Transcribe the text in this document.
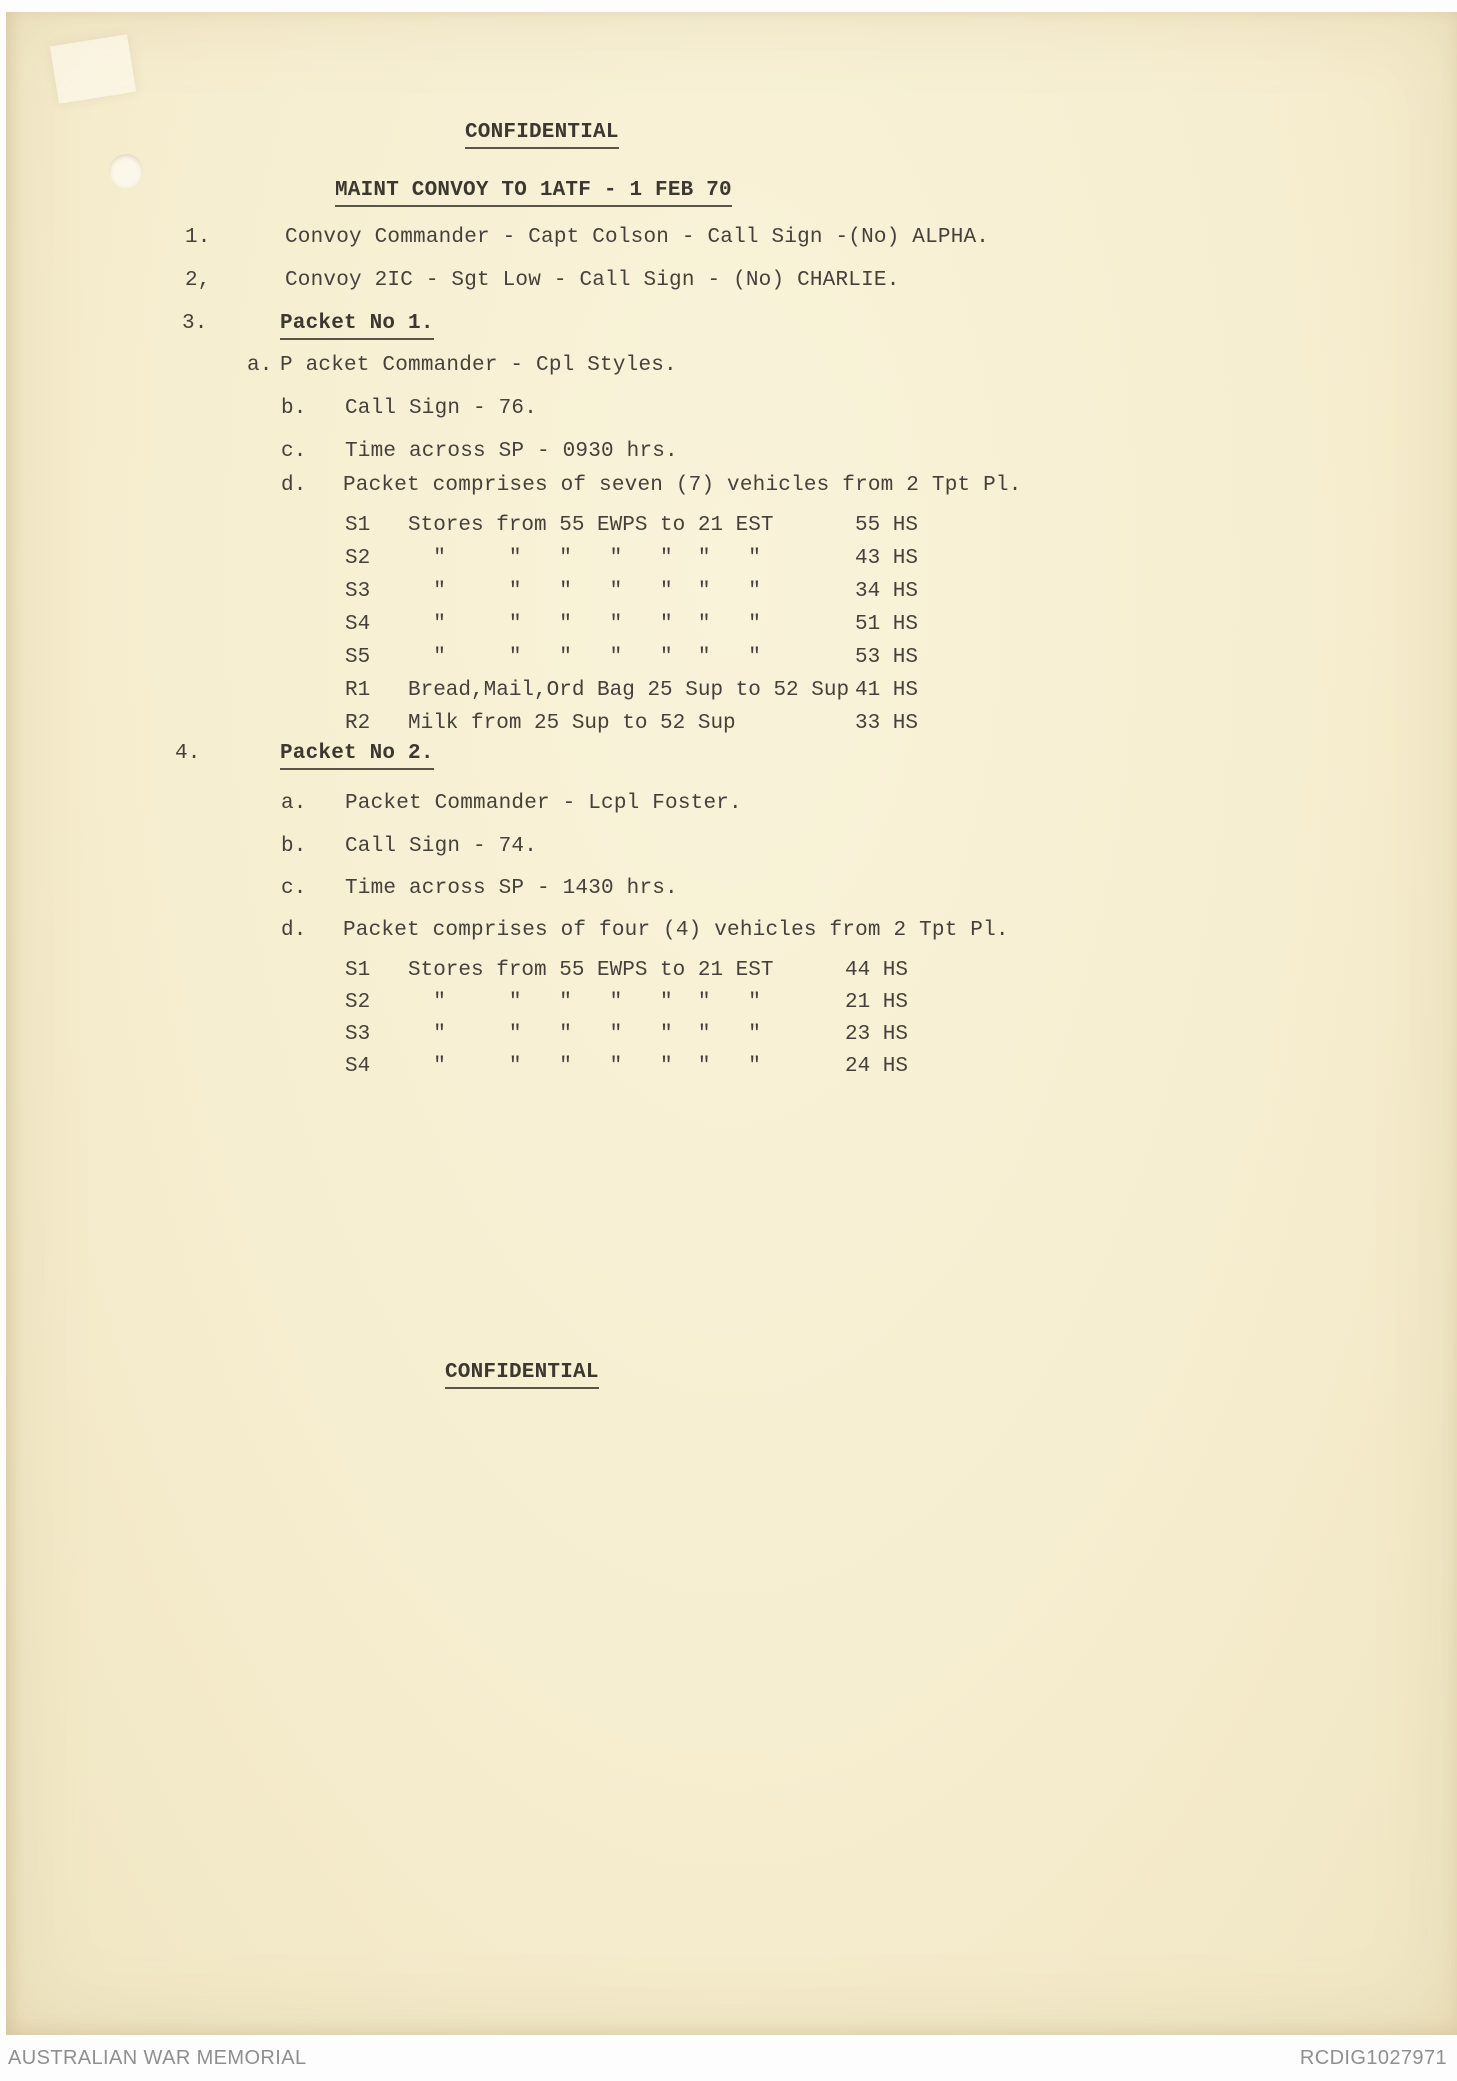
CONFIDENTIAL
MAINT CONVOY TO 1ATF - 1 FEB 70
1.	Convoy Commander - Capt Colson - Call Sign -(No) ALPHA.
2,	Convoy 2IC - Sgt Low - Call Sign - (No) CHARLIE.
3.	Packet No 1.
a. P acket Commander - Cpl Styles.
b. Call Sign - 76.
c. Time across SP - 0930 hrs.
d. Packet comprises of seven (7) vehicles from 2 Tpt Pl.
S1 Stores from 55 EWPS to 21 EST	55 HS
S2 "     "   "   "   "  "   "	43 HS
S3 "     "   "   "   "  "   "	34 HS
S4 "     "   "   "   "  "   "	51 HS
S5 "     "   "   "   "  "   "	53 HS
R1 Bread,Mail,Ord Bag 25 Sup to 52 Sup 41 HS
R2 Milk from 25 Sup to 52 Sup	33 HS
4.	Packet No 2.
a. Packet Commander - Lcpl Foster.
b. Call Sign - 74.
c. Time across SP - 1430 hrs.
d. Packet comprises of four (4) vehicles from 2 Tpt Pl.
S1 Stores from 55 EWPS to 21 EST	44 HS
S2 "     "   "   "   "  "   "	21 HS
S3 "     "   "   "   "  "   "	23 HS
S4 "     "   "   "   "  "   "	24 HS
CONFIDENTIAL
AUSTRALIAN WAR MEMORIAL	RCDIG1027971
